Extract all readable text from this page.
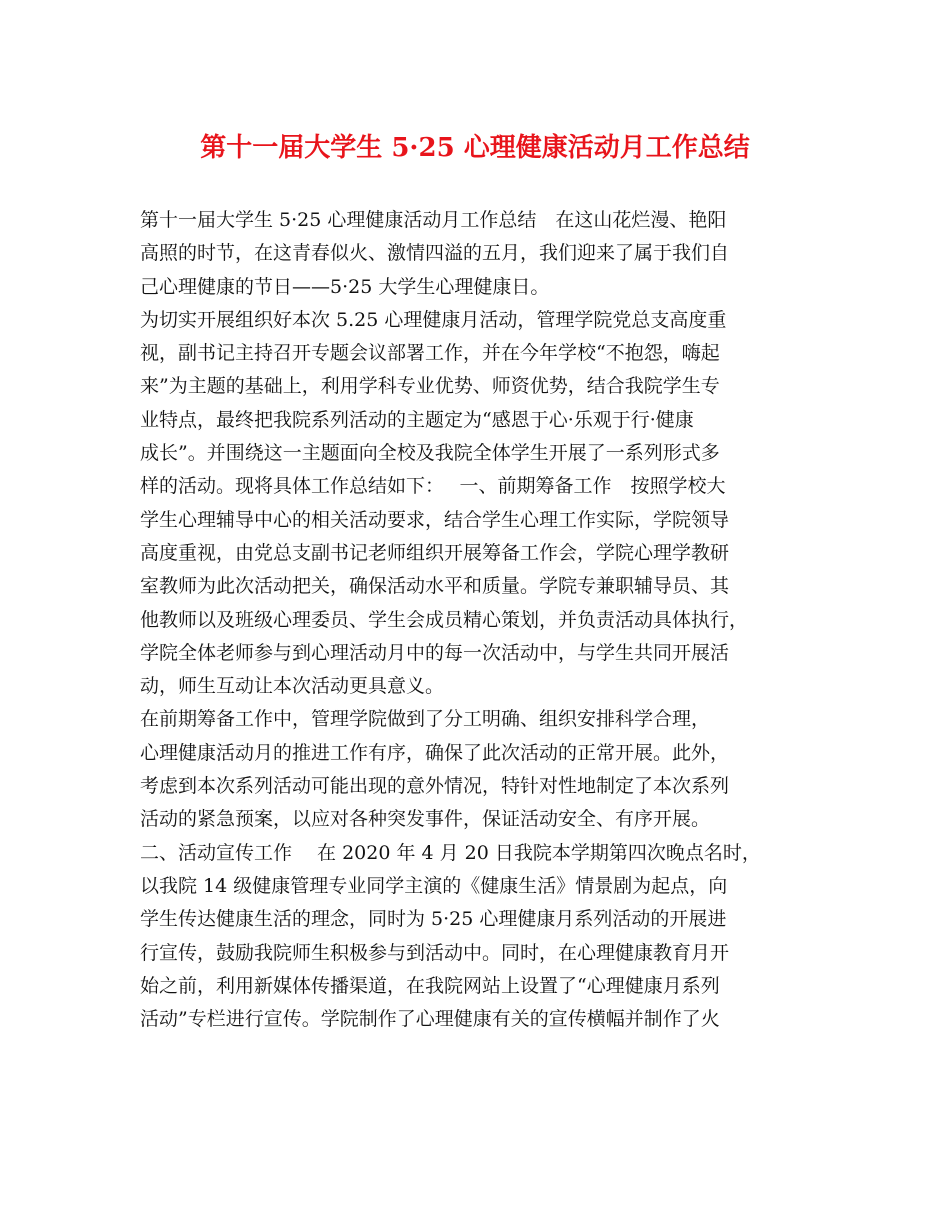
第十一届大学生 5·25 心理健康活动月工作总结
第十一届大学生 5·25 心理健康活动月工作总结　在这山花烂漫、艳阳
高照的时节，在这青春似火、激情四溢的五月，我们迎来了属于我们自
己心理健康的节日——5·25 大学生心理健康日。
为切实开展组织好本次 5.25 心理健康月活动，管理学院党总支高度重
视，副书记主持召开专题会议部署工作，并在今年学校“不抱怨，嗨起
来”为主题的基础上，利用学科专业优势、师资优势，结合我院学生专
业特点，最终把我院系列活动的主题定为“感恩于心·乐观于行·健康
成长”。并围绕这一主题面向全校及我院全体学生开展了一系列形式多
样的活动。现将具体工作总结如下：　 一、前期筹备工作　按照学校大
学生心理辅导中心的相关活动要求，结合学生心理工作实际，学院领导
高度重视，由党总支副书记老师组织开展筹备工作会，学院心理学教研
室教师为此次活动把关，确保活动水平和质量。学院专兼职辅导员、其
他教师以及班级心理委员、学生会成员精心策划，并负责活动具体执行，
学院全体老师参与到心理活动月中的每一次活动中，与学生共同开展活
动，师生互动让本次活动更具意义。
在前期筹备工作中，管理学院做到了分工明确、组织安排科学合理，
心理健康活动月的推进工作有序，确保了此次活动的正常开展。此外，
考虑到本次系列活动可能出现的意外情况，特针对性地制定了本次系列
活动的紧急预案，以应对各种突发事件，保证活动安全、有序开展。
二、活动宣传工作　 在 2020 年 4 月 20 日我院本学期第四次晚点名时，
以我院 14 级健康管理专业同学主演的《健康生活》情景剧为起点，向
学生传达健康生活的理念，同时为 5·25 心理健康月系列活动的开展进
行宣传，鼓励我院师生积极参与到活动中。同时，在心理健康教育月开
始之前，利用新媒体传播渠道，在我院网站上设置了“心理健康月系列
活动”专栏进行宣传。学院制作了心理健康有关的宣传横幅并制作了火
